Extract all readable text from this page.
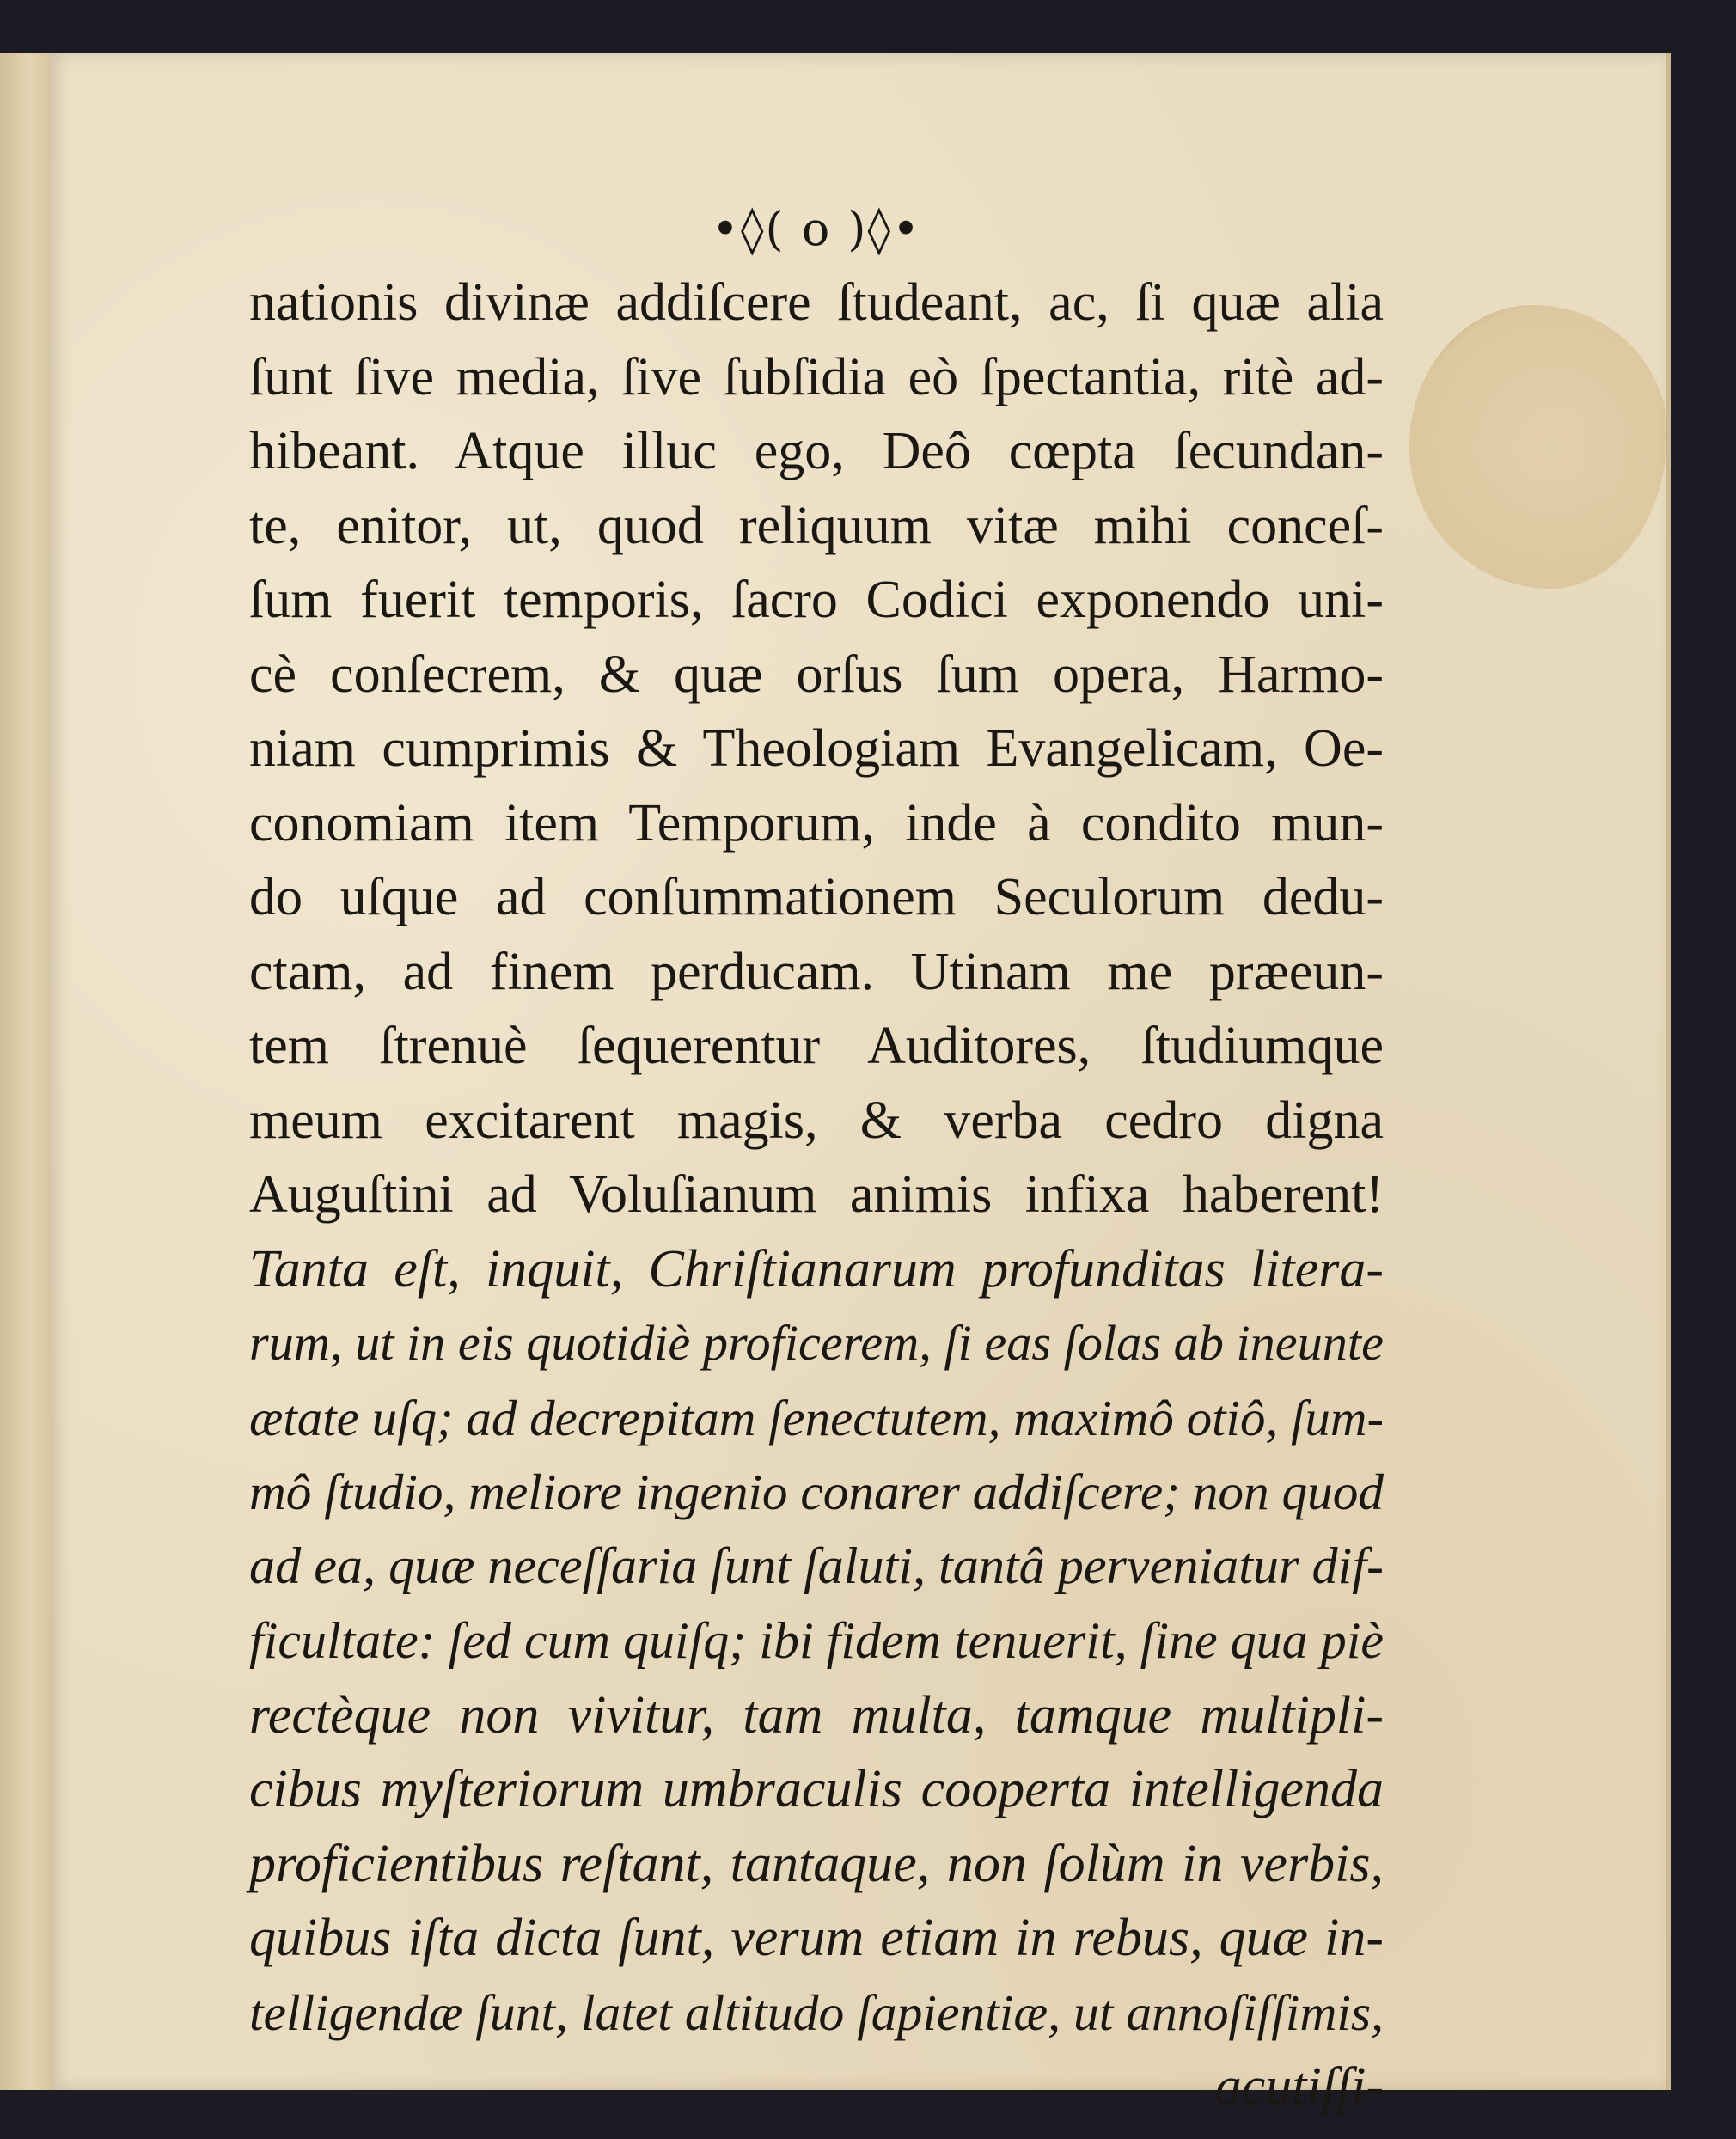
•◊( o )◊•
nationis divinæ addiſcere ſtudeant, ac, ſi quæ alia
ſunt ſive media, ſive ſubſidia eò ſpectantia, ritè ad-
hibeant. Atque illuc ego, Deô cœpta ſecundan-
te, enitor, ut, quod reliquum vitæ mihi conceſ-
ſum fuerit temporis, ſacro Codici exponendo uni-
cè conſecrem, & quæ orſus ſum opera, Harmo-
niam cumprimis & Theologiam Evangelicam, Oe-
conomiam item Temporum, inde à condito mun-
do uſque ad conſummationem Seculorum dedu-
ctam, ad finem perducam. Utinam me præeun-
tem ſtrenuè ſequerentur Auditores, ſtudiumque
meum excitarent magis, & verba cedro digna
Auguſtini ad Voluſianum animis infixa haberent!
Tanta eſt, inquit, Chriſtianarum profunditas litera-
rum, ut in eis quotidiè proficerem, ſi eas ſolas ab ineunte
ætate uſq; ad decrepitam ſenectutem, maximô otiô, ſum-
mô ſtudio, meliore ingenio conarer addiſcere; non quod
ad ea, quæ neceſſaria ſunt ſaluti, tantâ perveniatur dif-
ficultate: ſed cum quiſq; ibi fidem tenuerit, ſine qua piè
rectèque non vivitur, tam multa, tamque multipli-
cibus myſteriorum umbraculis cooperta intelligenda
proficientibus reſtant, tantaque, non ſolùm in verbis,
quibus iſta dicta ſunt, verum etiam in rebus, quæ in-
telligendæ ſunt, latet altitudo ſapientiæ, ut annoſiſſimis,
acutiſſi-
